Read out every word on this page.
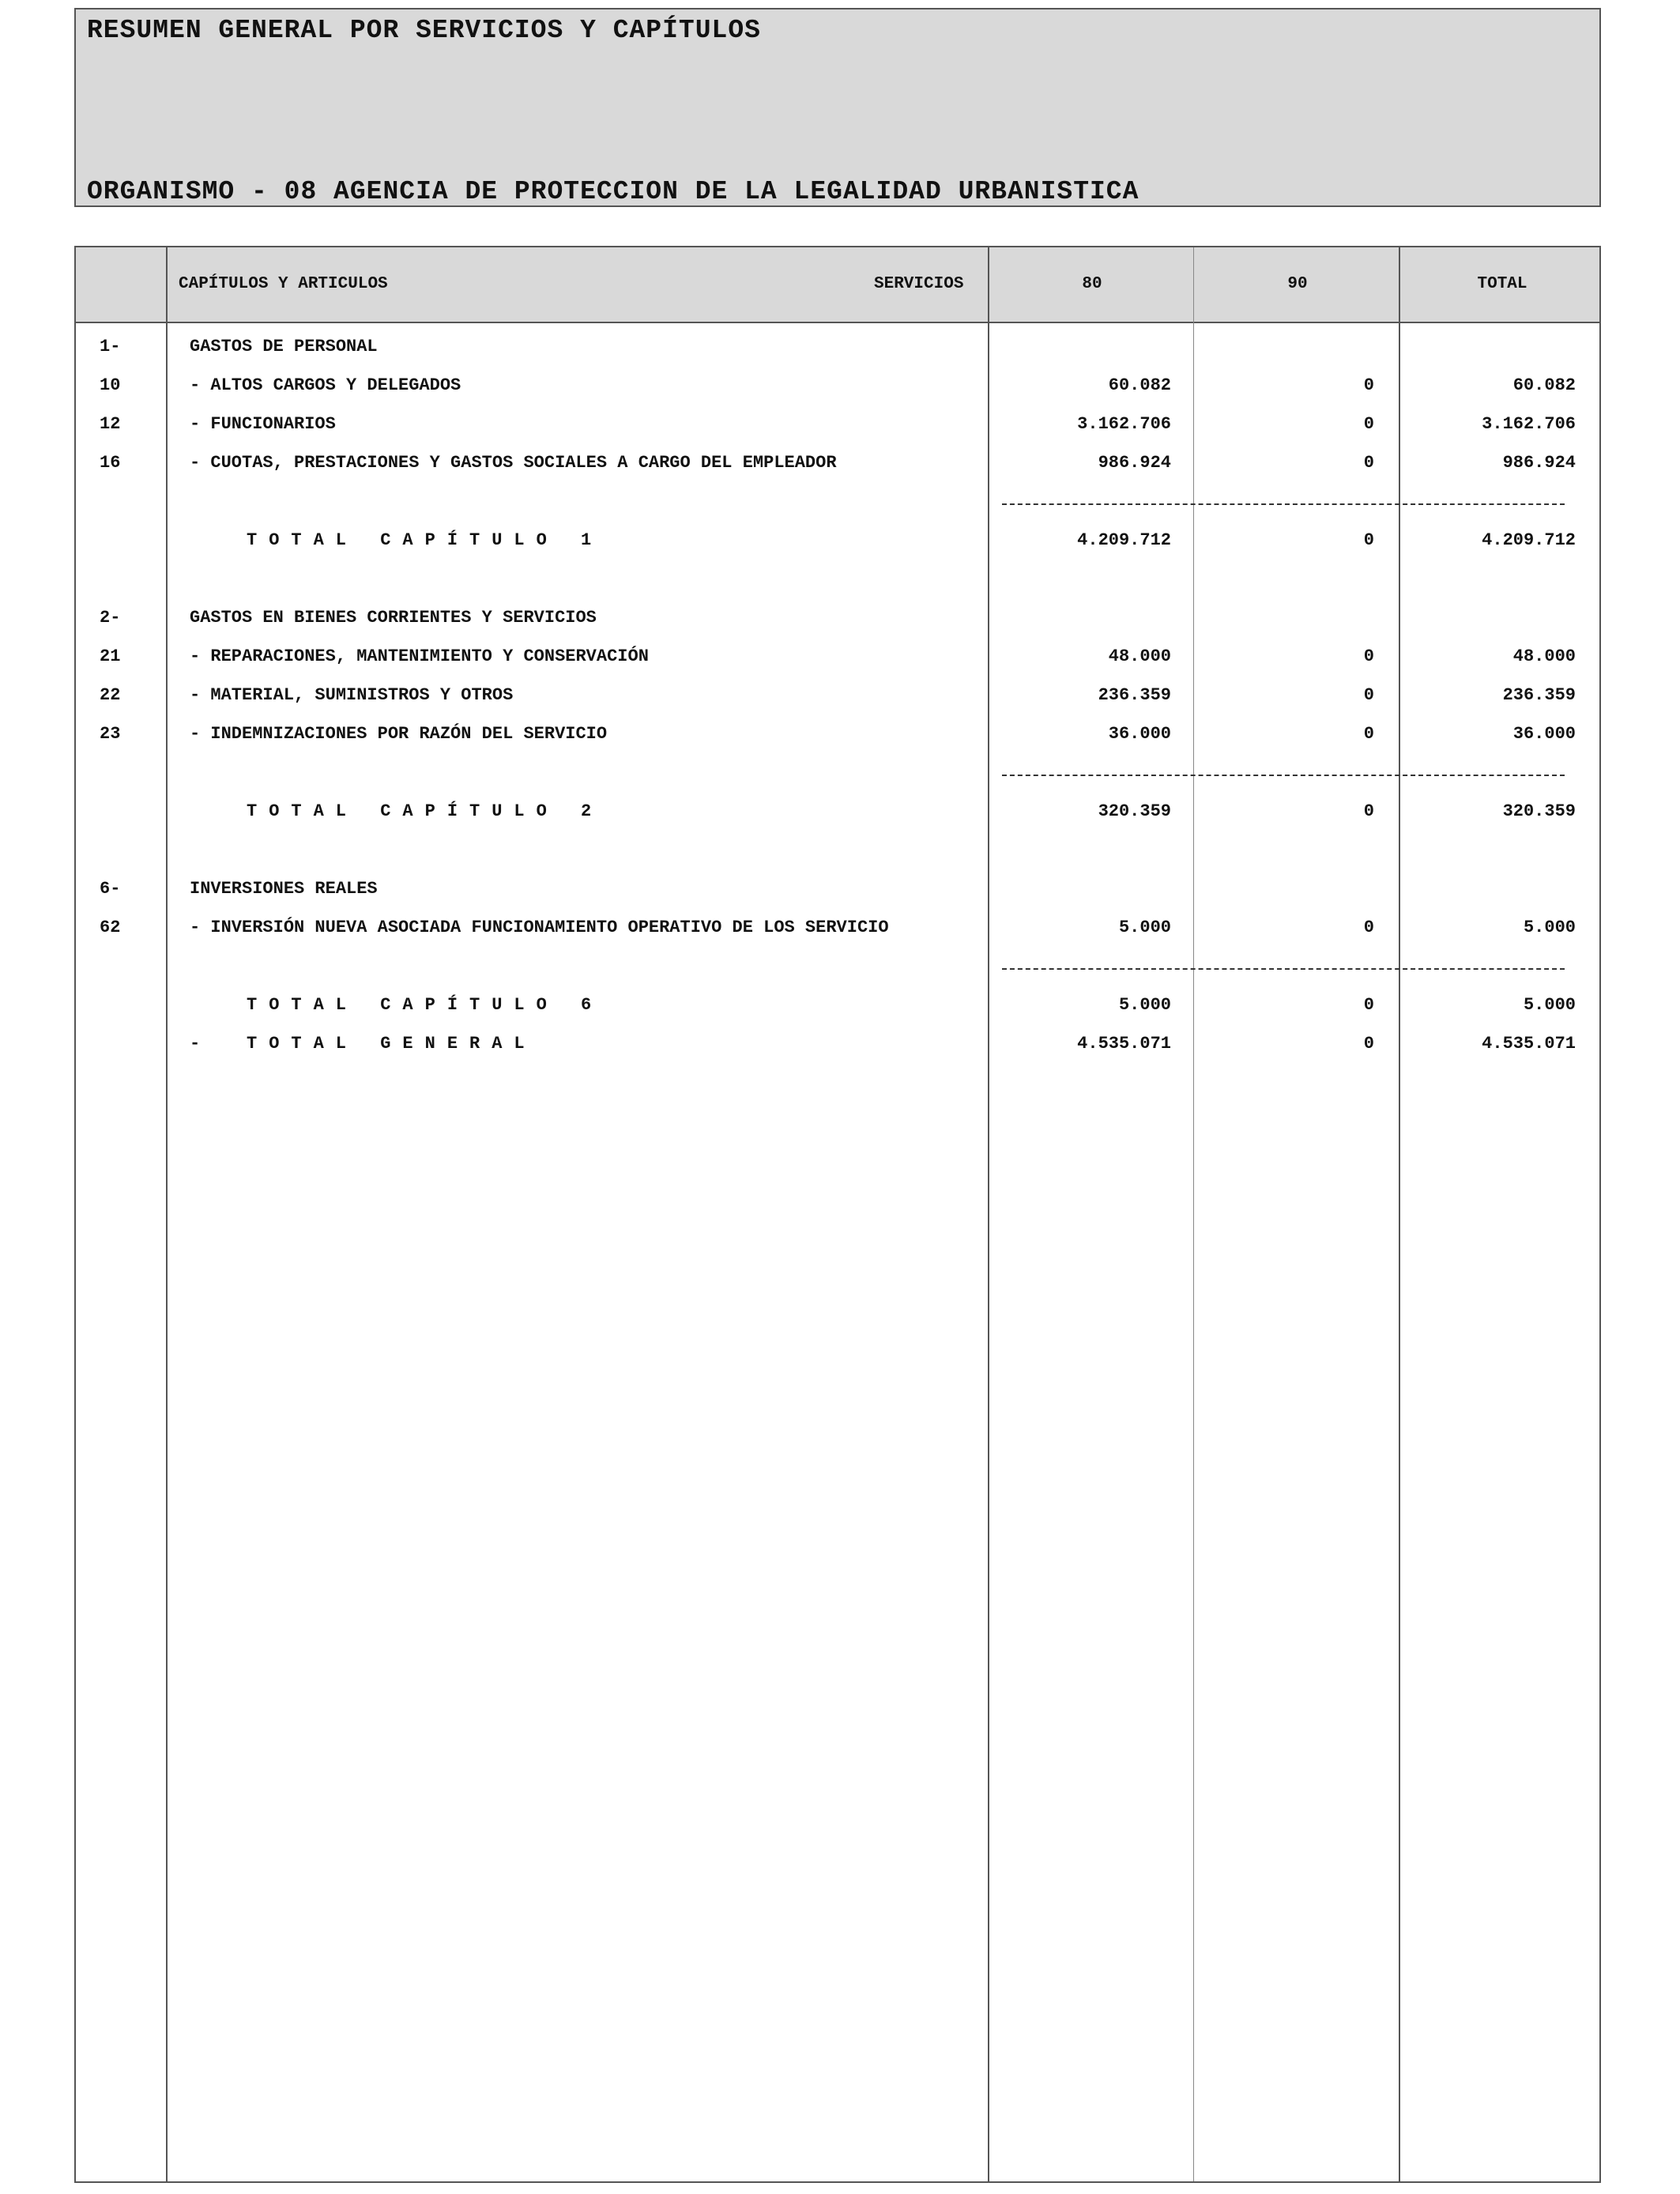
RESUMEN GENERAL POR SERVICIOS Y CAPÍTULOS
ORGANISMO - 08 AGENCIA DE PROTECCION DE LA LEGALIDAD URBANISTICA
CAPÍTULOS Y ARTICULOS	SERVICIOS	80	90	TOTAL
1-	GASTOS DE PERSONAL
10	- ALTOS CARGOS Y DELEGADOS	60.082	0	60.082
12	- FUNCIONARIOS	3.162.706	0	3.162.706
16	- CUOTAS, PRESTACIONES Y GASTOS SOCIALES A CARGO DEL EMPLEADOR	986.924	0	986.924
TOTAL CAPÍTULO 1	4.209.712	0	4.209.712
2-	GASTOS EN BIENES CORRIENTES Y SERVICIOS
21	- REPARACIONES, MANTENIMIENTO Y CONSERVACIÓN	48.000	0	48.000
22	- MATERIAL, SUMINISTROS Y OTROS	236.359	0	236.359
23	- INDEMNIZACIONES POR RAZÓN DEL SERVICIO	36.000	0	36.000
TOTAL CAPÍTULO 2	320.359	0	320.359
6-	INVERSIONES REALES
62	- INVERSIÓN NUEVA ASOCIADA FUNCIONAMIENTO OPERATIVO DE LOS SERVICIO	5.000	0	5.000
TOTAL CAPÍTULO 6	5.000	0	5.000
- TOTAL GENERAL	4.535.071	0	4.535.071
